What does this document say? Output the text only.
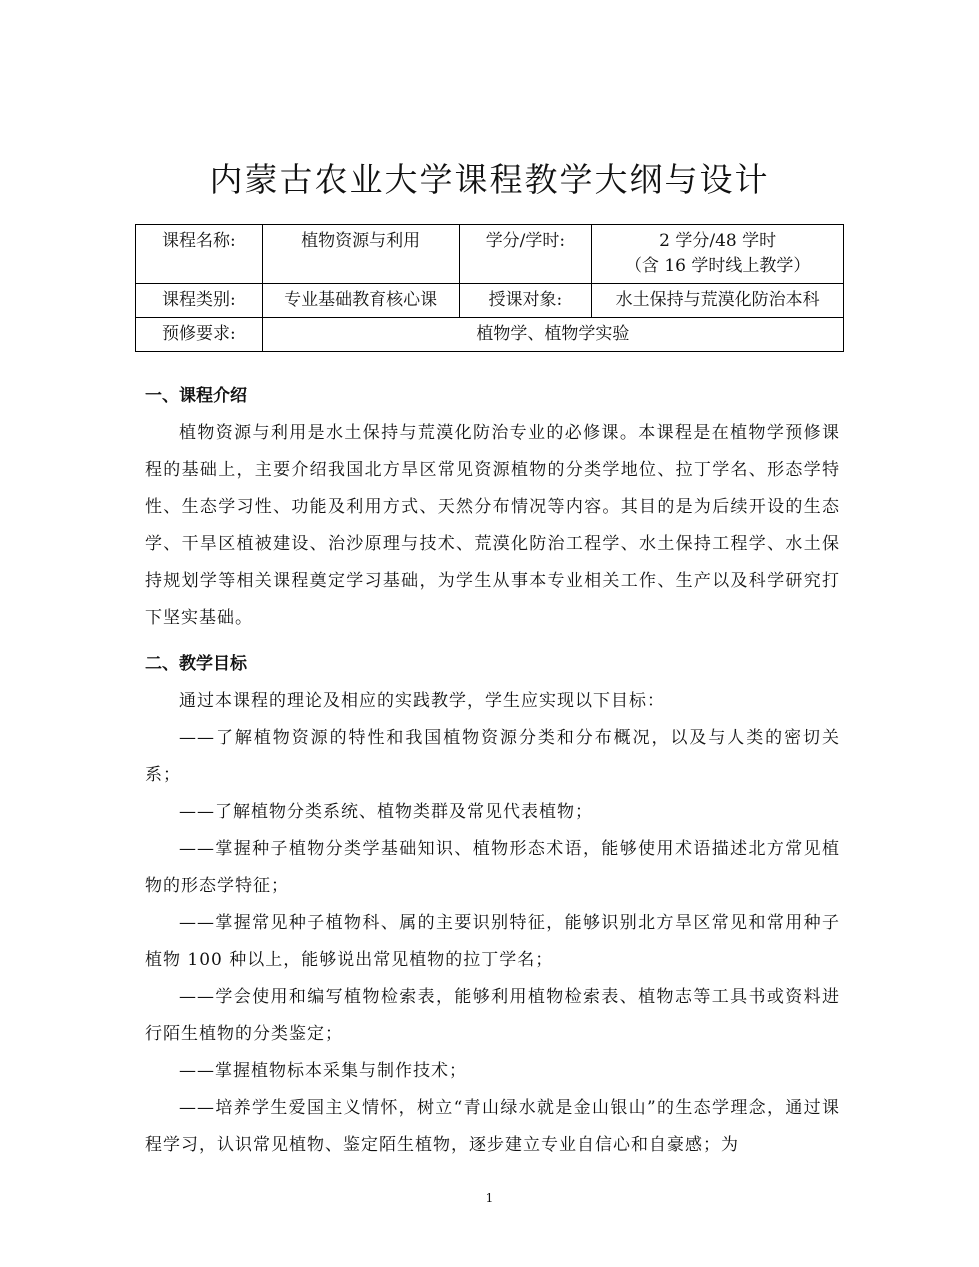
内蒙古农业大学课程教学大纲与设计
课程名称:	植物资源与利用	学分/学时:	2 学分/48 学时
（含 16 学时线上教学）

课程类别:	专业基础教育核心课	授课对象:	水土保持与荒漠化防治本科
预修要求:	植物学、植物学实验		
一、课程介绍

植物资源与利用是水土保持与荒漠化防治专业的必修课。本课程是在植物学预修课程的基础上，主要介绍我国北方旱区常见资源植物的分类学地位、拉丁学名、形态学特性、生态学习性、功能及利用方式、天然分布情况等内容。其目的是为后续开设的生态学、干旱区植被建设、治沙原理与技术、荒漠化防治工程学、水土保持工程学、水土保持规划学等相关课程奠定学习基础，为学生从事本专业相关工作、生产以及科学研究打下坚实基础。

二、教学目标

通过本课程的理论及相应的实践教学，学生应实现以下目标：

——了解植物资源的特性和我国植物资源分类和分布概况，以及与人类的密切关系；

——了解植物分类系统、植物类群及常见代表植物；

——掌握种子植物分类学基础知识、植物形态术语，能够使用术语描述北方常见植物的形态学特征；

——掌握常见种子植物科、属的主要识别特征，能够识别北方旱区常见和常用种子植物 100 种以上，能够说出常见植物的拉丁学名；

——学会使用和编写植物检索表，能够利用植物检索表、植物志等工具书或资料进行陌生植物的分类鉴定；

——掌握植物标本采集与制作技术；

——培养学生爱国主义情怀，树立“青山绿水就是金山银山”的生态学理念，通过课程学习，认识常见植物、鉴定陌生植物，逐步建立专业自信心和自豪感；为

1
